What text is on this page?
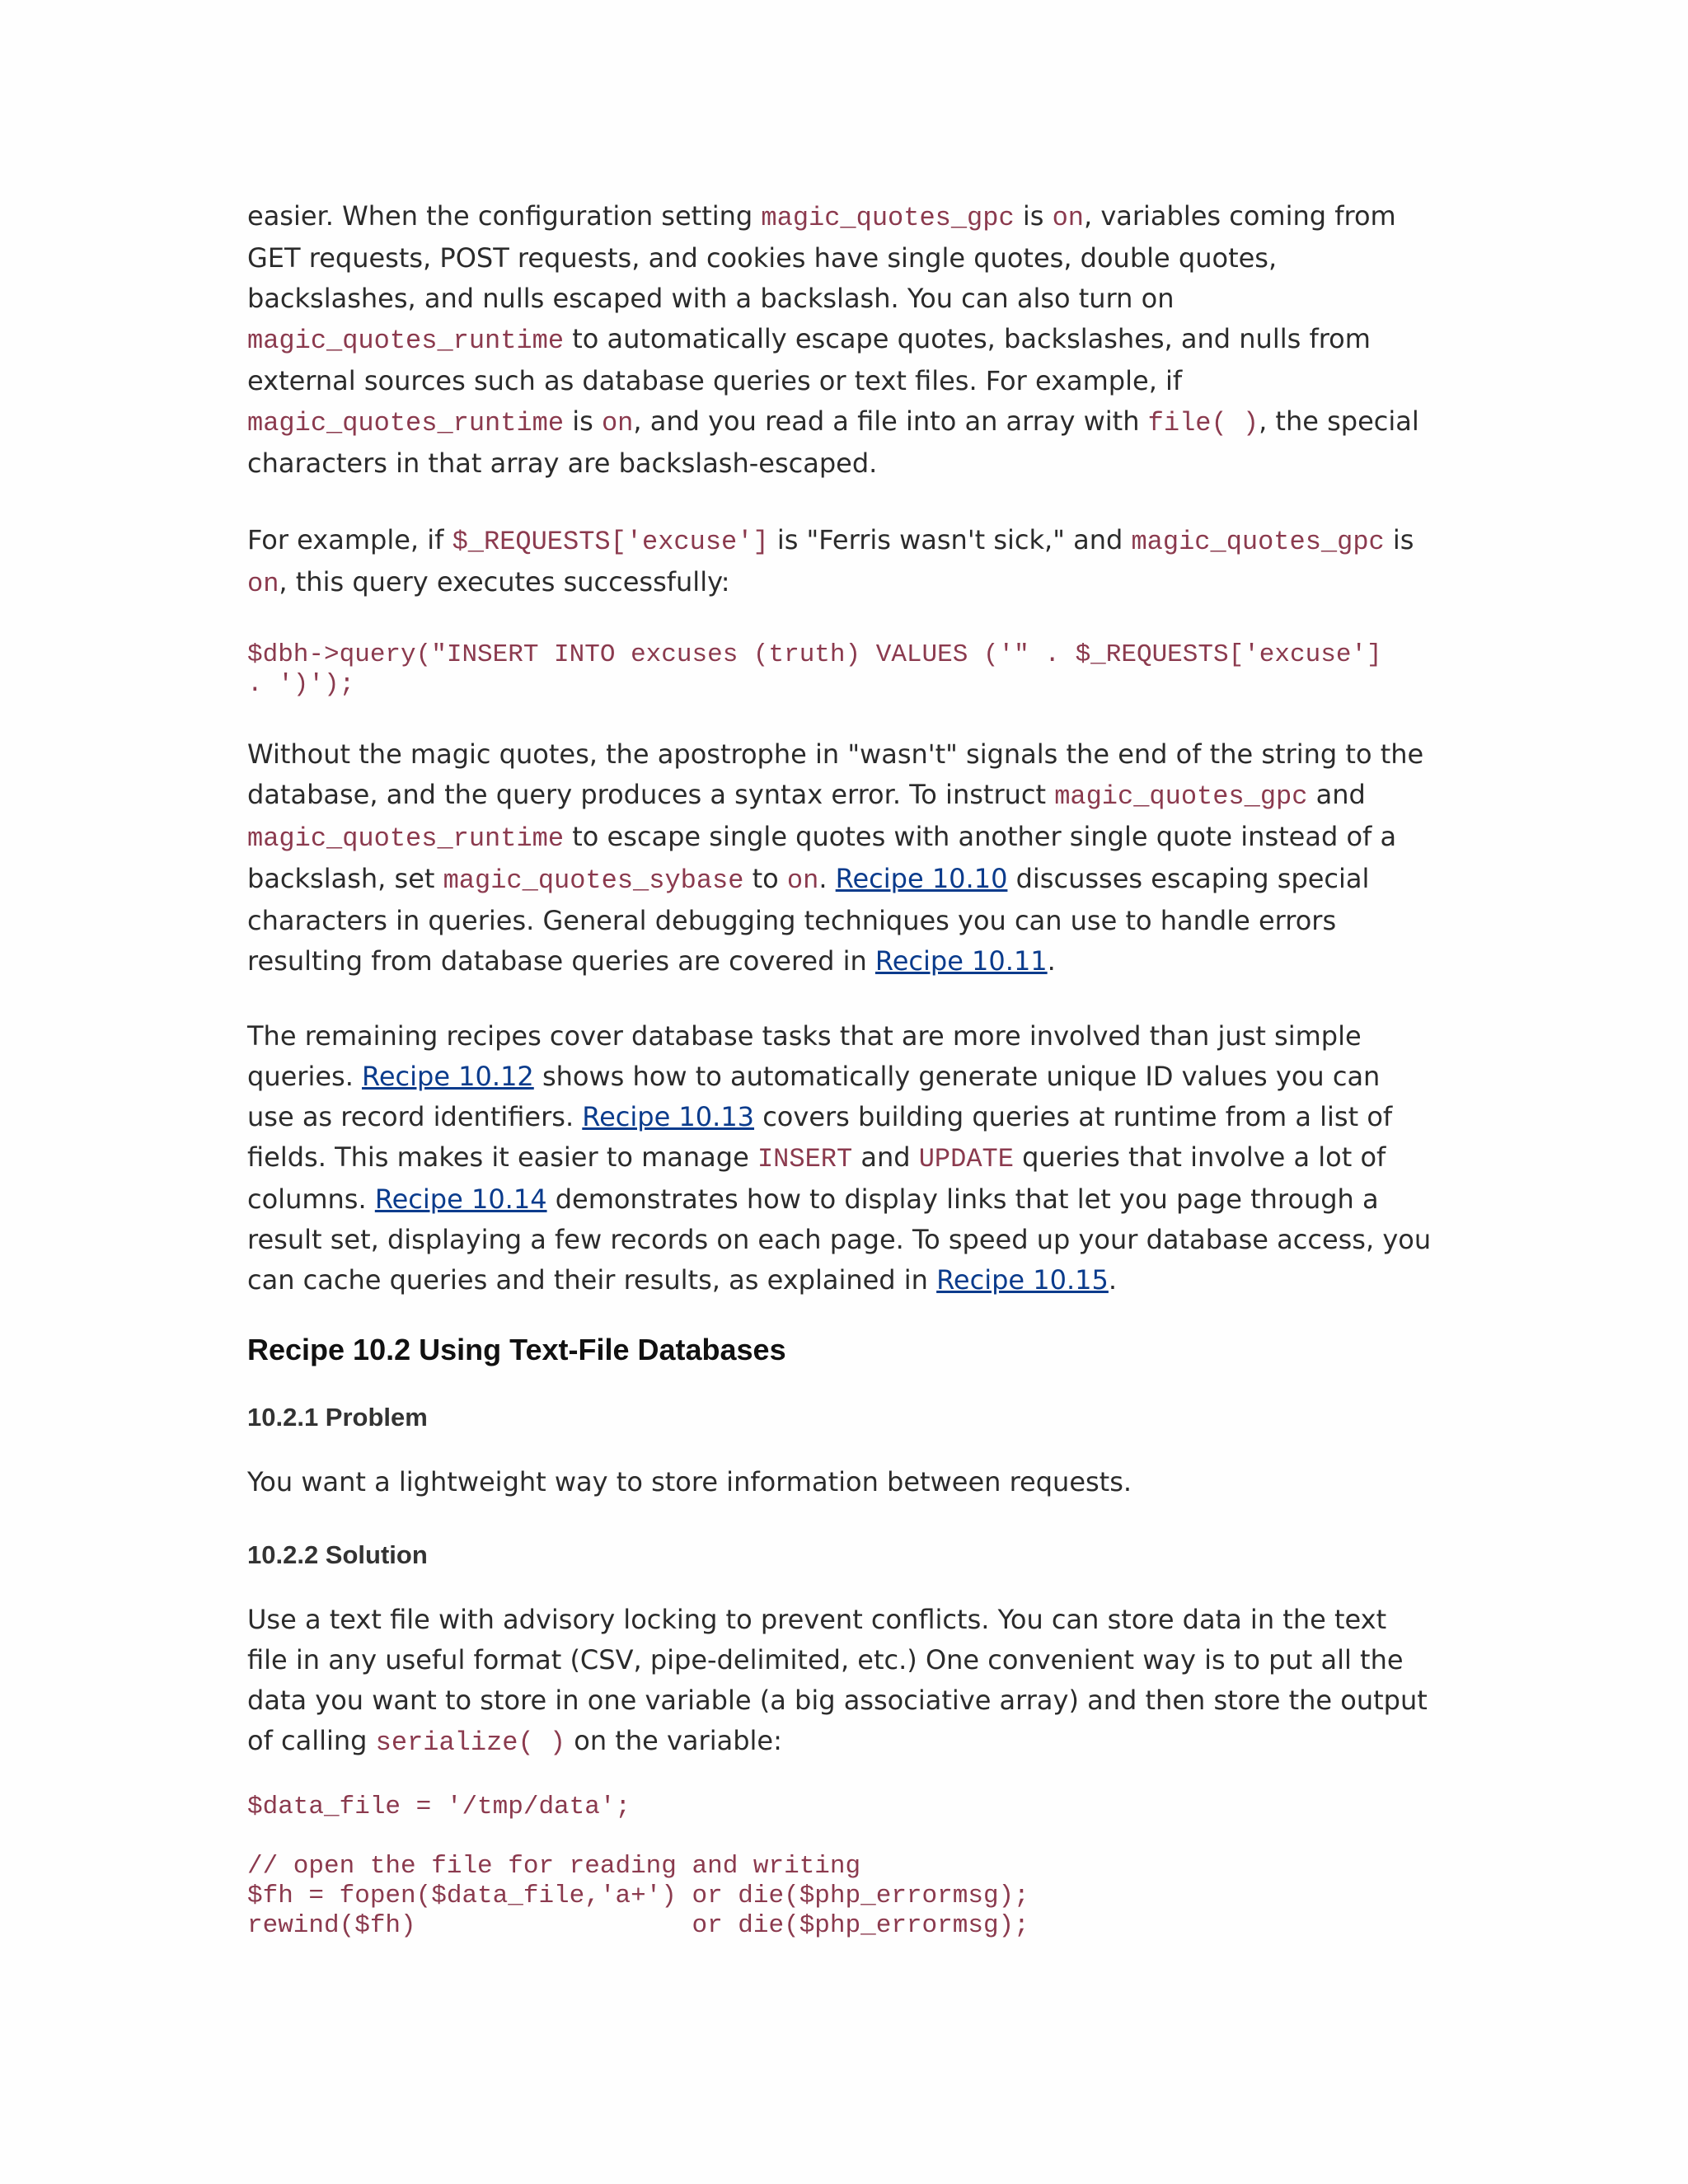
easier. When the configuration setting magic_quotes_gpc is on, variables coming from GET requests, POST requests, and cookies have single quotes, double quotes, backslashes, and nulls escaped with a backslash. You can also turn on magic_quotes_runtime to automatically escape quotes, backslashes, and nulls from external sources such as database queries or text files. For example, if magic_quotes_runtime is on, and you read a file into an array with file( ), the special characters in that array are backslash-escaped.

For example, if $_REQUESTS['excuse'] is "Ferris wasn't sick," and magic_quotes_gpc is on, this query executes successfully:

$dbh->query("INSERT INTO excuses (truth) VALUES ('" . $_REQUESTS['excuse']
. ')');

Without the magic quotes, the apostrophe in "wasn't" signals the end of the string to the database, and the query produces a syntax error. To instruct magic_quotes_gpc and magic_quotes_runtime to escape single quotes with another single quote instead of a backslash, set magic_quotes_sybase to on. Recipe 10.10 discusses escaping special characters in queries. General debugging techniques you can use to handle errors resulting from database queries are covered in Recipe 10.11.

The remaining recipes cover database tasks that are more involved than just simple queries. Recipe 10.12 shows how to automatically generate unique ID values you can use as record identifiers. Recipe 10.13 covers building queries at runtime from a list of fields. This makes it easier to manage INSERT and UPDATE queries that involve a lot of columns. Recipe 10.14 demonstrates how to display links that let you page through a result set, displaying a few records on each page. To speed up your database access, you can cache queries and their results, as explained in Recipe 10.15.

Recipe 10.2 Using Text-File Databases
10.2.1 Problem

You want a lightweight way to store information between requests.

10.2.2 Solution

Use a text file with advisory locking to prevent conflicts. You can store data in the text file in any useful format (CSV, pipe-delimited, etc.) One convenient way is to put all the data you want to store in one variable (a big associative array) and then store the output of calling serialize( ) on the variable:

$data_file = '/tmp/data';

// open the file for reading and writing
$fh = fopen($data_file,'a+') or die($php_errormsg);
rewind($fh)                  or die($php_errormsg);
